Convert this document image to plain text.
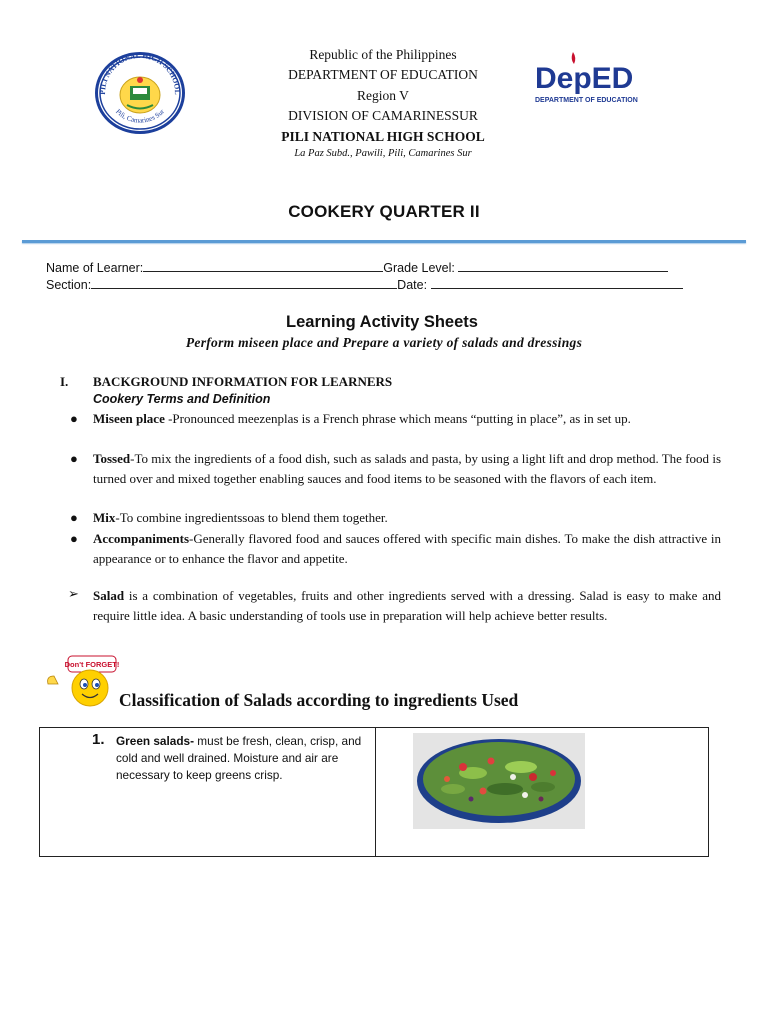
PILI NATIONAL HIGH SCHOOL
Pili, Camarines Sur
Republic of the Philippines
DEPARTMENT OF EDUCATION
Region V
DIVISION OF CAMARINESSUR
PILI NATIONAL HIGH SCHOOL
La Paz Subd., Pawili, Pili, Camarines Sur
DepED
DEPARTMENT OF EDUCATION
COOKERY QUARTER II
Name of Learner:	Grade Level:
Section:	Date:
Learning Activity Sheets
Perform miseen place and Prepare a variety of salads and dressings
I. BACKGROUND INFORMATION FOR LEARNERS
Cookery Terms and Definition
● Miseen place -Pronounced meezenplas is a French phrase which means “putting in place”, as in set up.
● Tossed-To mix the ingredients of a food dish, such as salads and pasta, by using a light lift and drop method. The food is turned over and mixed together enabling sauces and food items to be seasoned with the flavors of each item.
● Mix-To combine ingredientssoas to blend them together.
● Accompaniments-Generally flavored food and sauces offered with specific main dishes. To make the dish attractive in appearance or to enhance the flavor and appetite.
➢ Salad is a combination of vegetables, fruits and other ingredients served with a dressing. Salad is easy to make and require little idea. A basic understanding of tools use in preparation will help achieve better results.
Don't FORGET!
Classification of Salads according to ingredients Used
1. Green salads- must be fresh, clean, crisp, and cold and well drained. Moisture and air are necessary to keep greens crisp.
